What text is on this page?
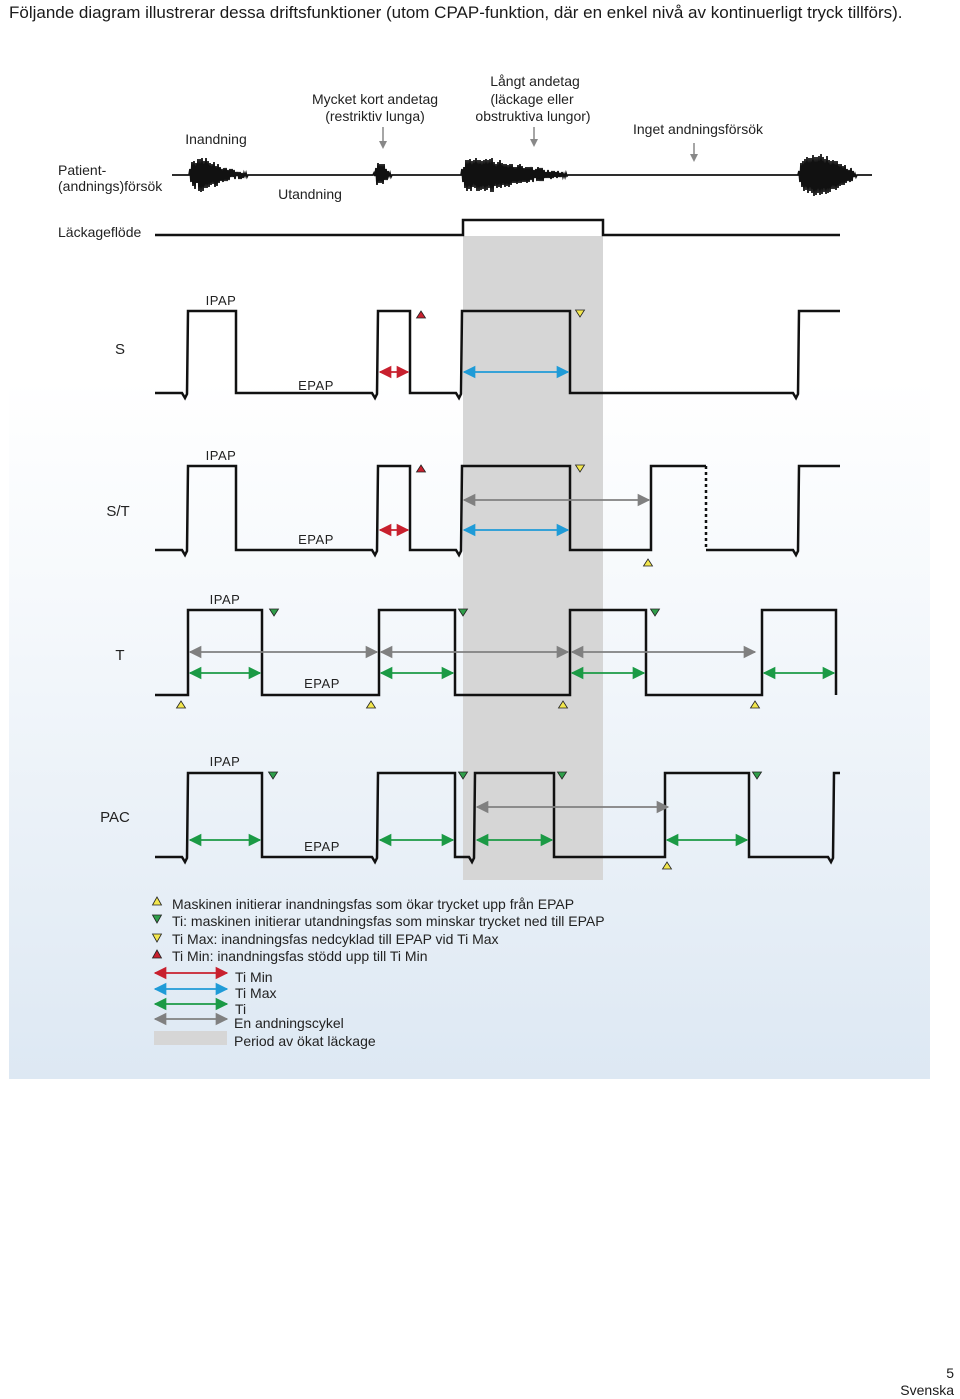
Följande diagram illustrerar dessa driftsfunktioner (utom CPAP-funktion, där en enkel nivå av kontinuerligt tryck tillförs).

Inandning
Utandning
Mycket kort andetag
(restriktiv lunga)
Långt andetag
(läckage eller
obstruktiva lungor)
Inget andningsförsök
Patient-
(andnings)försök
Läckageflöde
S
IPAP
EPAP
S/T
IPAP
EPAP
T
IPAP
EPAP
PAC
IPAP
EPAP
Maskinen initierar inandningsfas som ökar trycket upp från EPAP
Ti: maskinen initierar utandningsfas som minskar trycket ned till EPAP
Ti Max: inandningsfas nedcyklad till EPAP vid Ti Max
Ti Min: inandningsfas stödd upp till Ti Min
Ti Min
Ti Max
Ti
En andningscykel
Period av ökat läckage
5
Svenska
